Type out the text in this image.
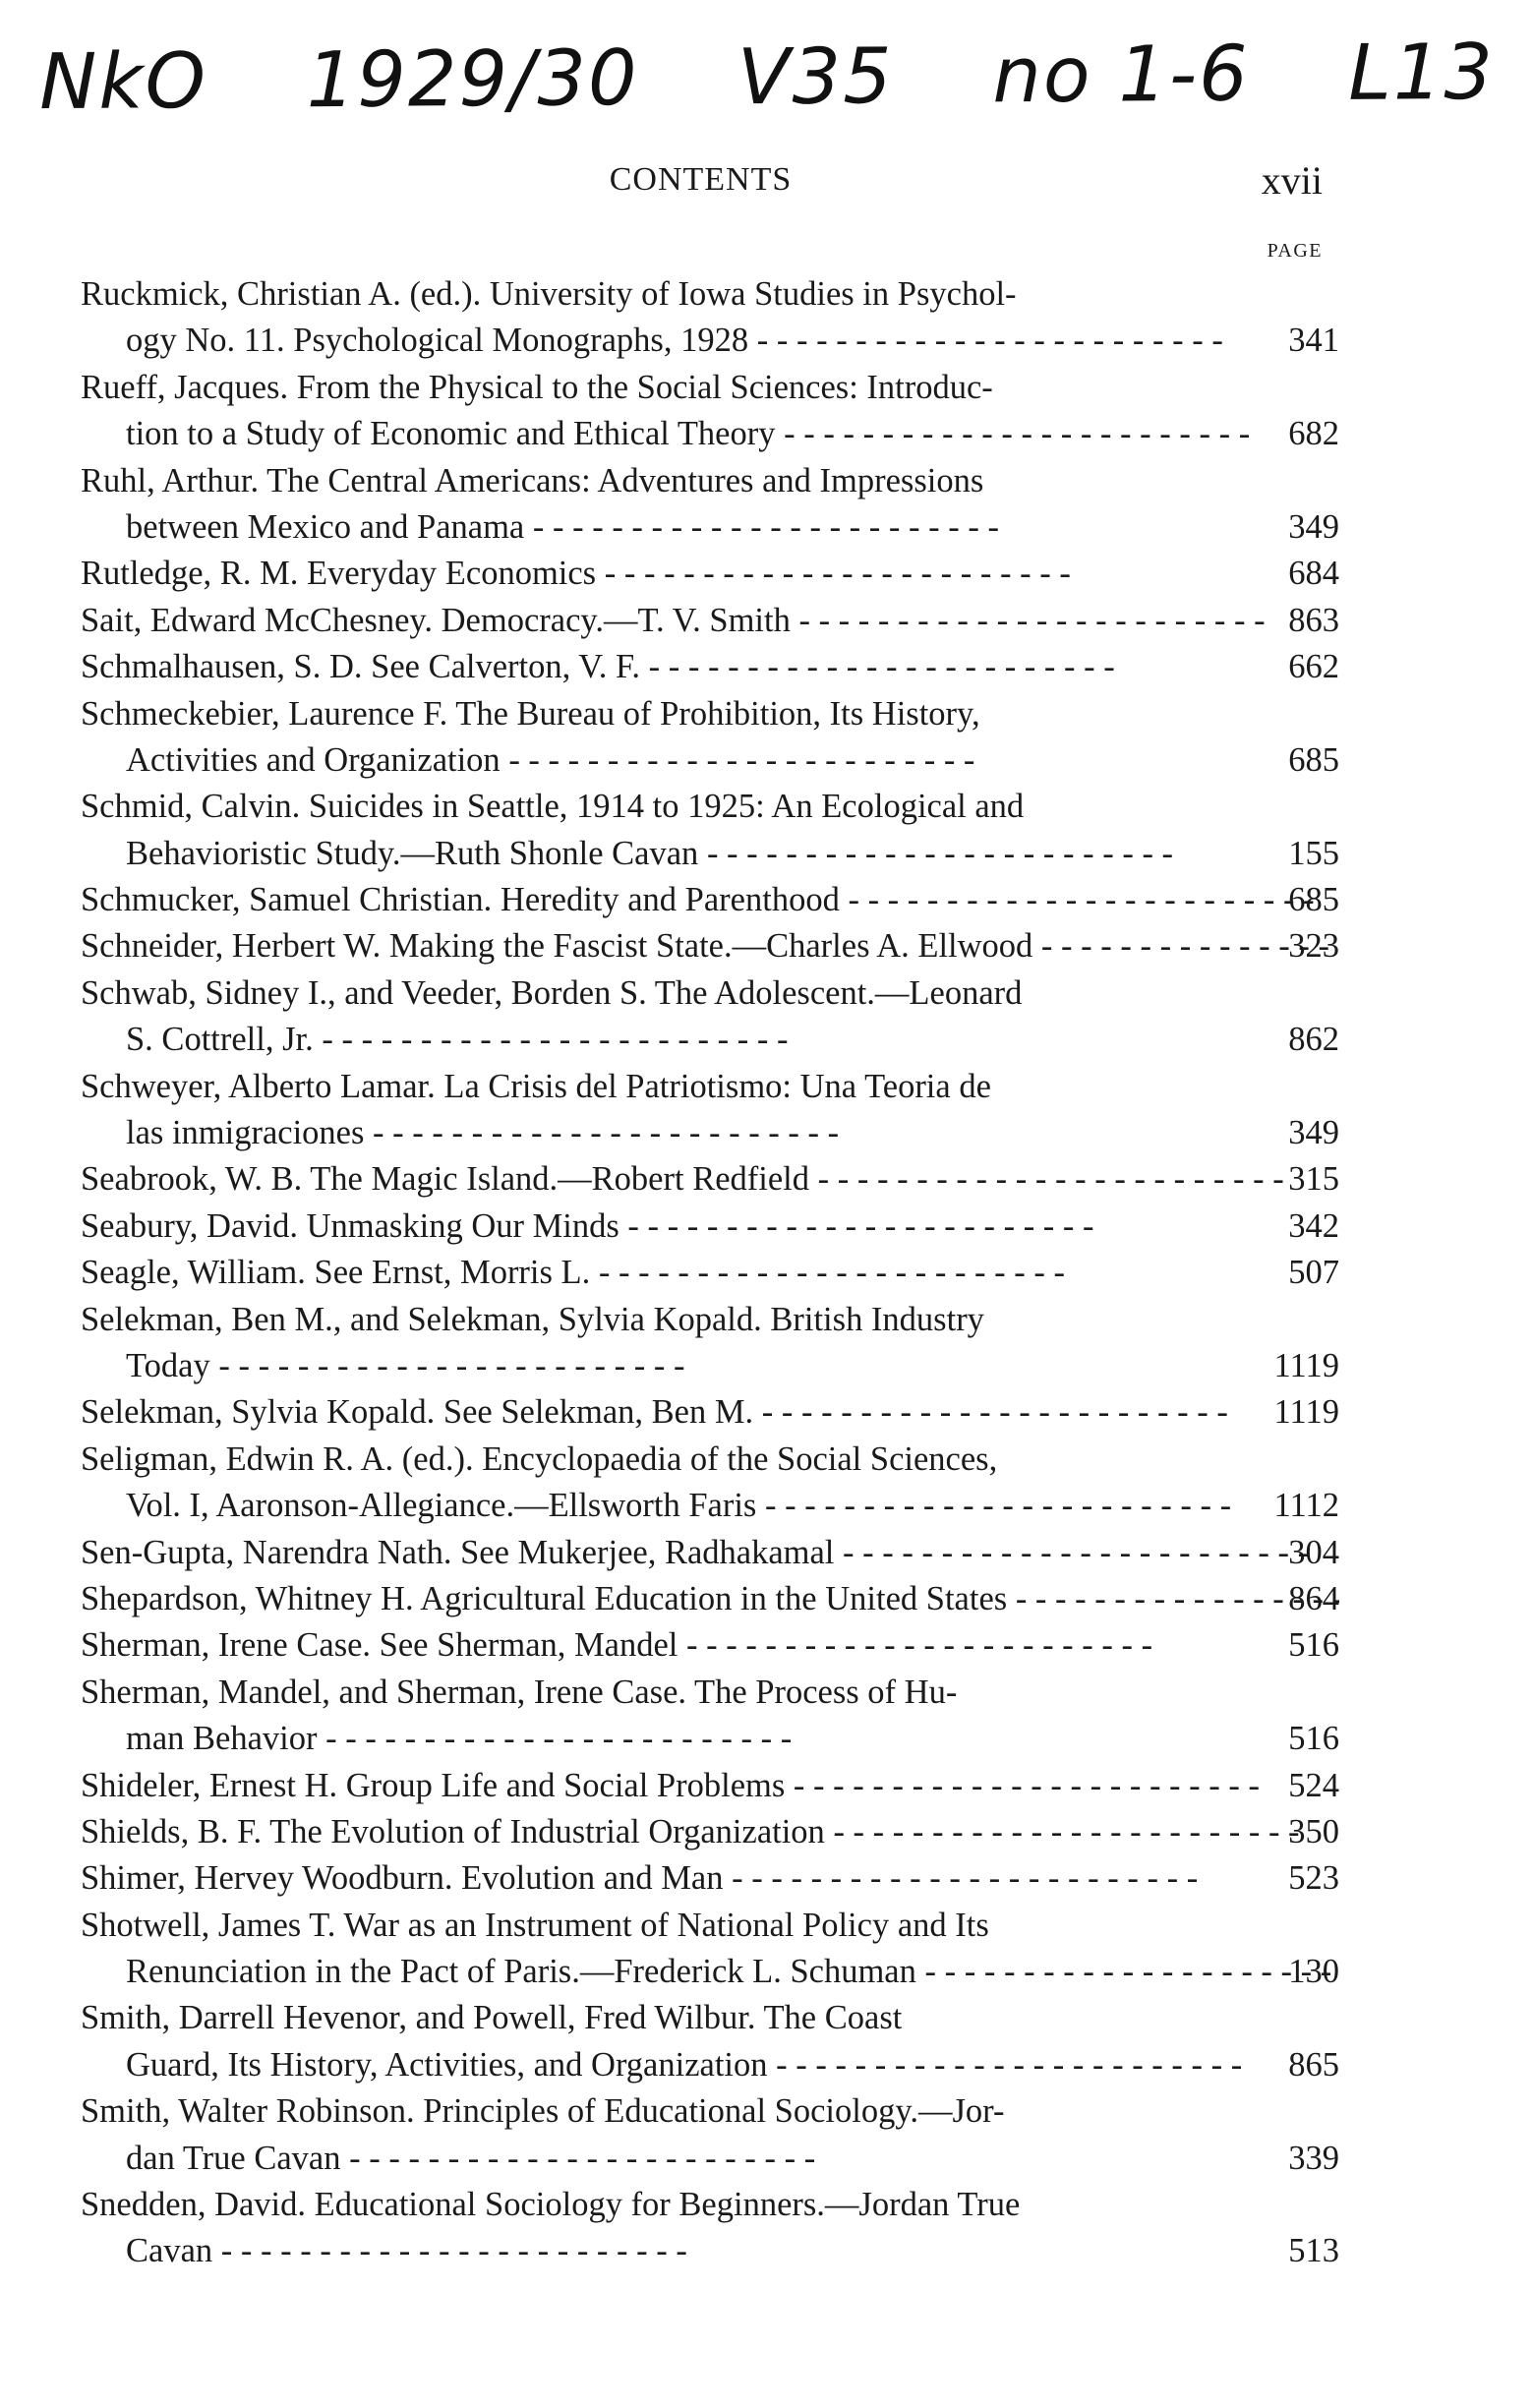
NkO 1929/30 V35 no 1-6 L13
CONTENTS	xvii
PAGE
Ruckmick, Christian A. (ed.). University of Iowa Studies in Psychol-
ogy No. 11. Psychological Monographs, 1928 - -	341
Rueff, Jacques. From the Physical to the Social Sciences: Introduc-
tion to a Study of Economic and Ethical Theory - -	682
Ruhl, Arthur. The Central Americans: Adventures and Impressions
between Mexico and Panama - -	349
Rutledge, R. M. Everyday Economics - -	684
Sait, Edward McChesney. Democracy.—T. V. Smith - -	863
Schmalhausen, S. D. See Calverton, V. F. - -	662
Schmeckebier, Laurence F. The Bureau of Prohibition, Its History,
Activities and Organization - -	685
Schmid, Calvin. Suicides in Seattle, 1914 to 1925: An Ecological and
Behavioristic Study.—Ruth Shonle Cavan - -	155
Schmucker, Samuel Christian. Heredity and Parenthood - -	685
Schneider, Herbert W. Making the Fascist State.—Charles A. Ellwood - -	323
Schwab, Sidney I., and Veeder, Borden S. The Adolescent.—Leonard
S. Cottrell, Jr. - -	862
Schweyer, Alberto Lamar. La Crisis del Patriotismo: Una Teoria de
las inmigraciones - -	349
Seabrook, W. B. The Magic Island.—Robert Redfield - -	315
Seabury, David. Unmasking Our Minds - -	342
Seagle, William. See Ernst, Morris L. - -	507
Selekman, Ben M., and Selekman, Sylvia Kopald. British Industry
Today - -	1119
Selekman, Sylvia Kopald. See Selekman, Ben M. - -	1119
Seligman, Edwin R. A. (ed.). Encyclopaedia of the Social Sciences,
Vol. I, Aaronson-Allegiance.—Ellsworth Faris - -	1112
Sen-Gupta, Narendra Nath. See Mukerjee, Radhakamal - -	304
Shepardson, Whitney H. Agricultural Education in the United States - -	864
Sherman, Irene Case. See Sherman, Mandel - -	516
Sherman, Mandel, and Sherman, Irene Case. The Process of Hu-
man Behavior - -	516
Shideler, Ernest H. Group Life and Social Problems - -	524
Shields, B. F. The Evolution of Industrial Organization - -	350
Shimer, Hervey Woodburn. Evolution and Man - -	523
Shotwell, James T. War as an Instrument of National Policy and Its
Renunciation in the Pact of Paris.—Frederick L. Schuman - -	130
Smith, Darrell Hevenor, and Powell, Fred Wilbur. The Coast
Guard, Its History, Activities, and Organization - -	865
Smith, Walter Robinson. Principles of Educational Sociology.—Jor-
dan True Cavan - -	339
Snedden, David. Educational Sociology for Beginners.—Jordan True
Cavan - -	513
